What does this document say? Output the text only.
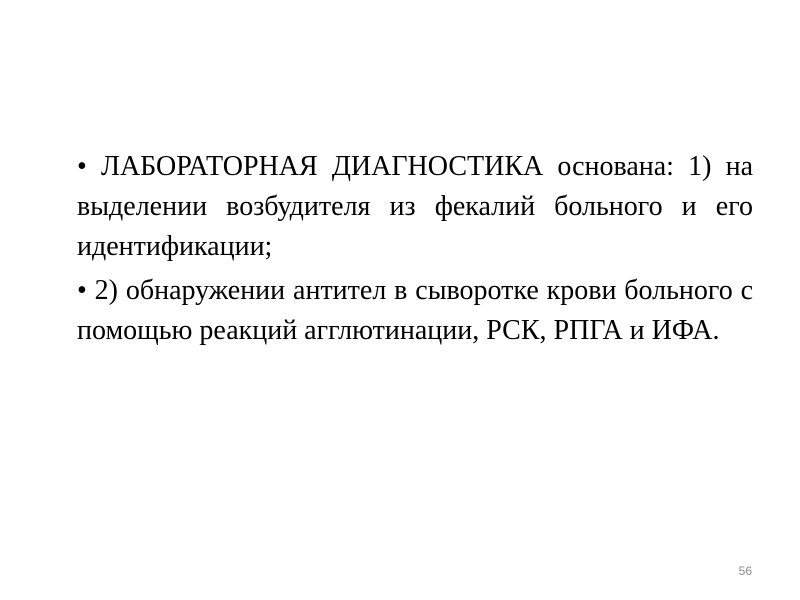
• ЛАБОРАТОРНАЯ ДИАГНОСТИКА основана: 1) на выделении возбудителя из фекалий больного и его идентификации;

• 2) обнаружении антител в сыворотке крови больного с помощью реакций агглютинации, РСК, РПГА и ИФА.

56
